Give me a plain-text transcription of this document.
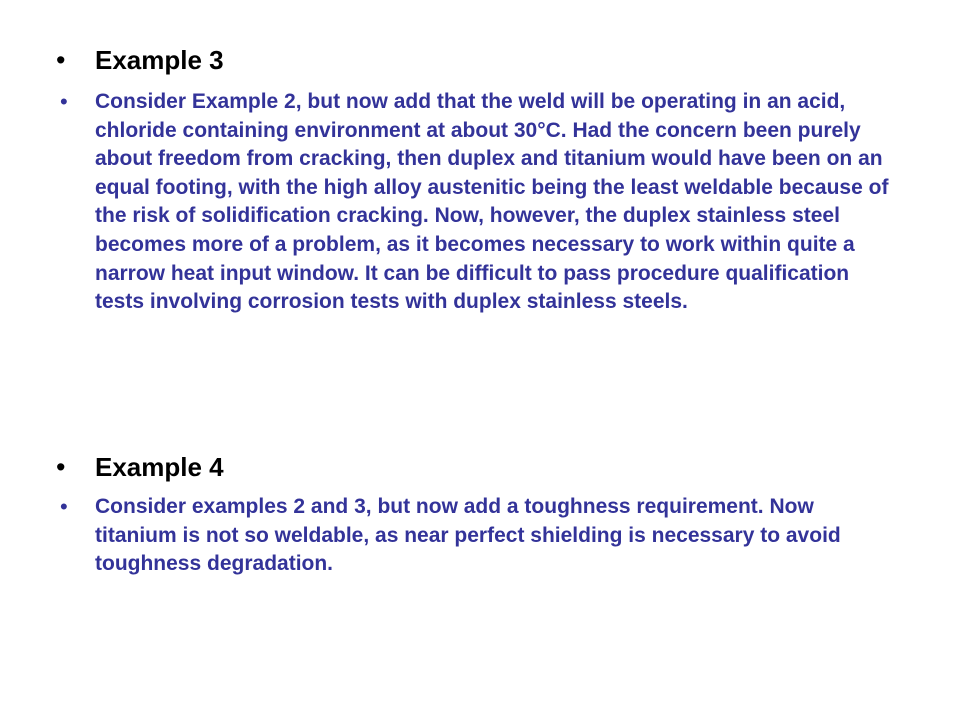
• Example 3
• Consider Example 2, but now add that the weld will be operating in an acid, chloride containing environment at about 30°C. Had the concern been purely about freedom from cracking, then duplex and titanium would have been on an equal footing, with the high alloy austenitic being the least weldable because of the risk of solidification cracking. Now, however, the duplex stainless steel becomes more of a problem, as it becomes necessary to work within quite a narrow heat input window. It can be difficult to pass procedure qualification tests involving corrosion tests with duplex stainless steels.

• Example 4
• Consider examples 2 and 3, but now add a toughness requirement. Now titanium is not so weldable, as near perfect shielding is necessary to avoid toughness degradation.
